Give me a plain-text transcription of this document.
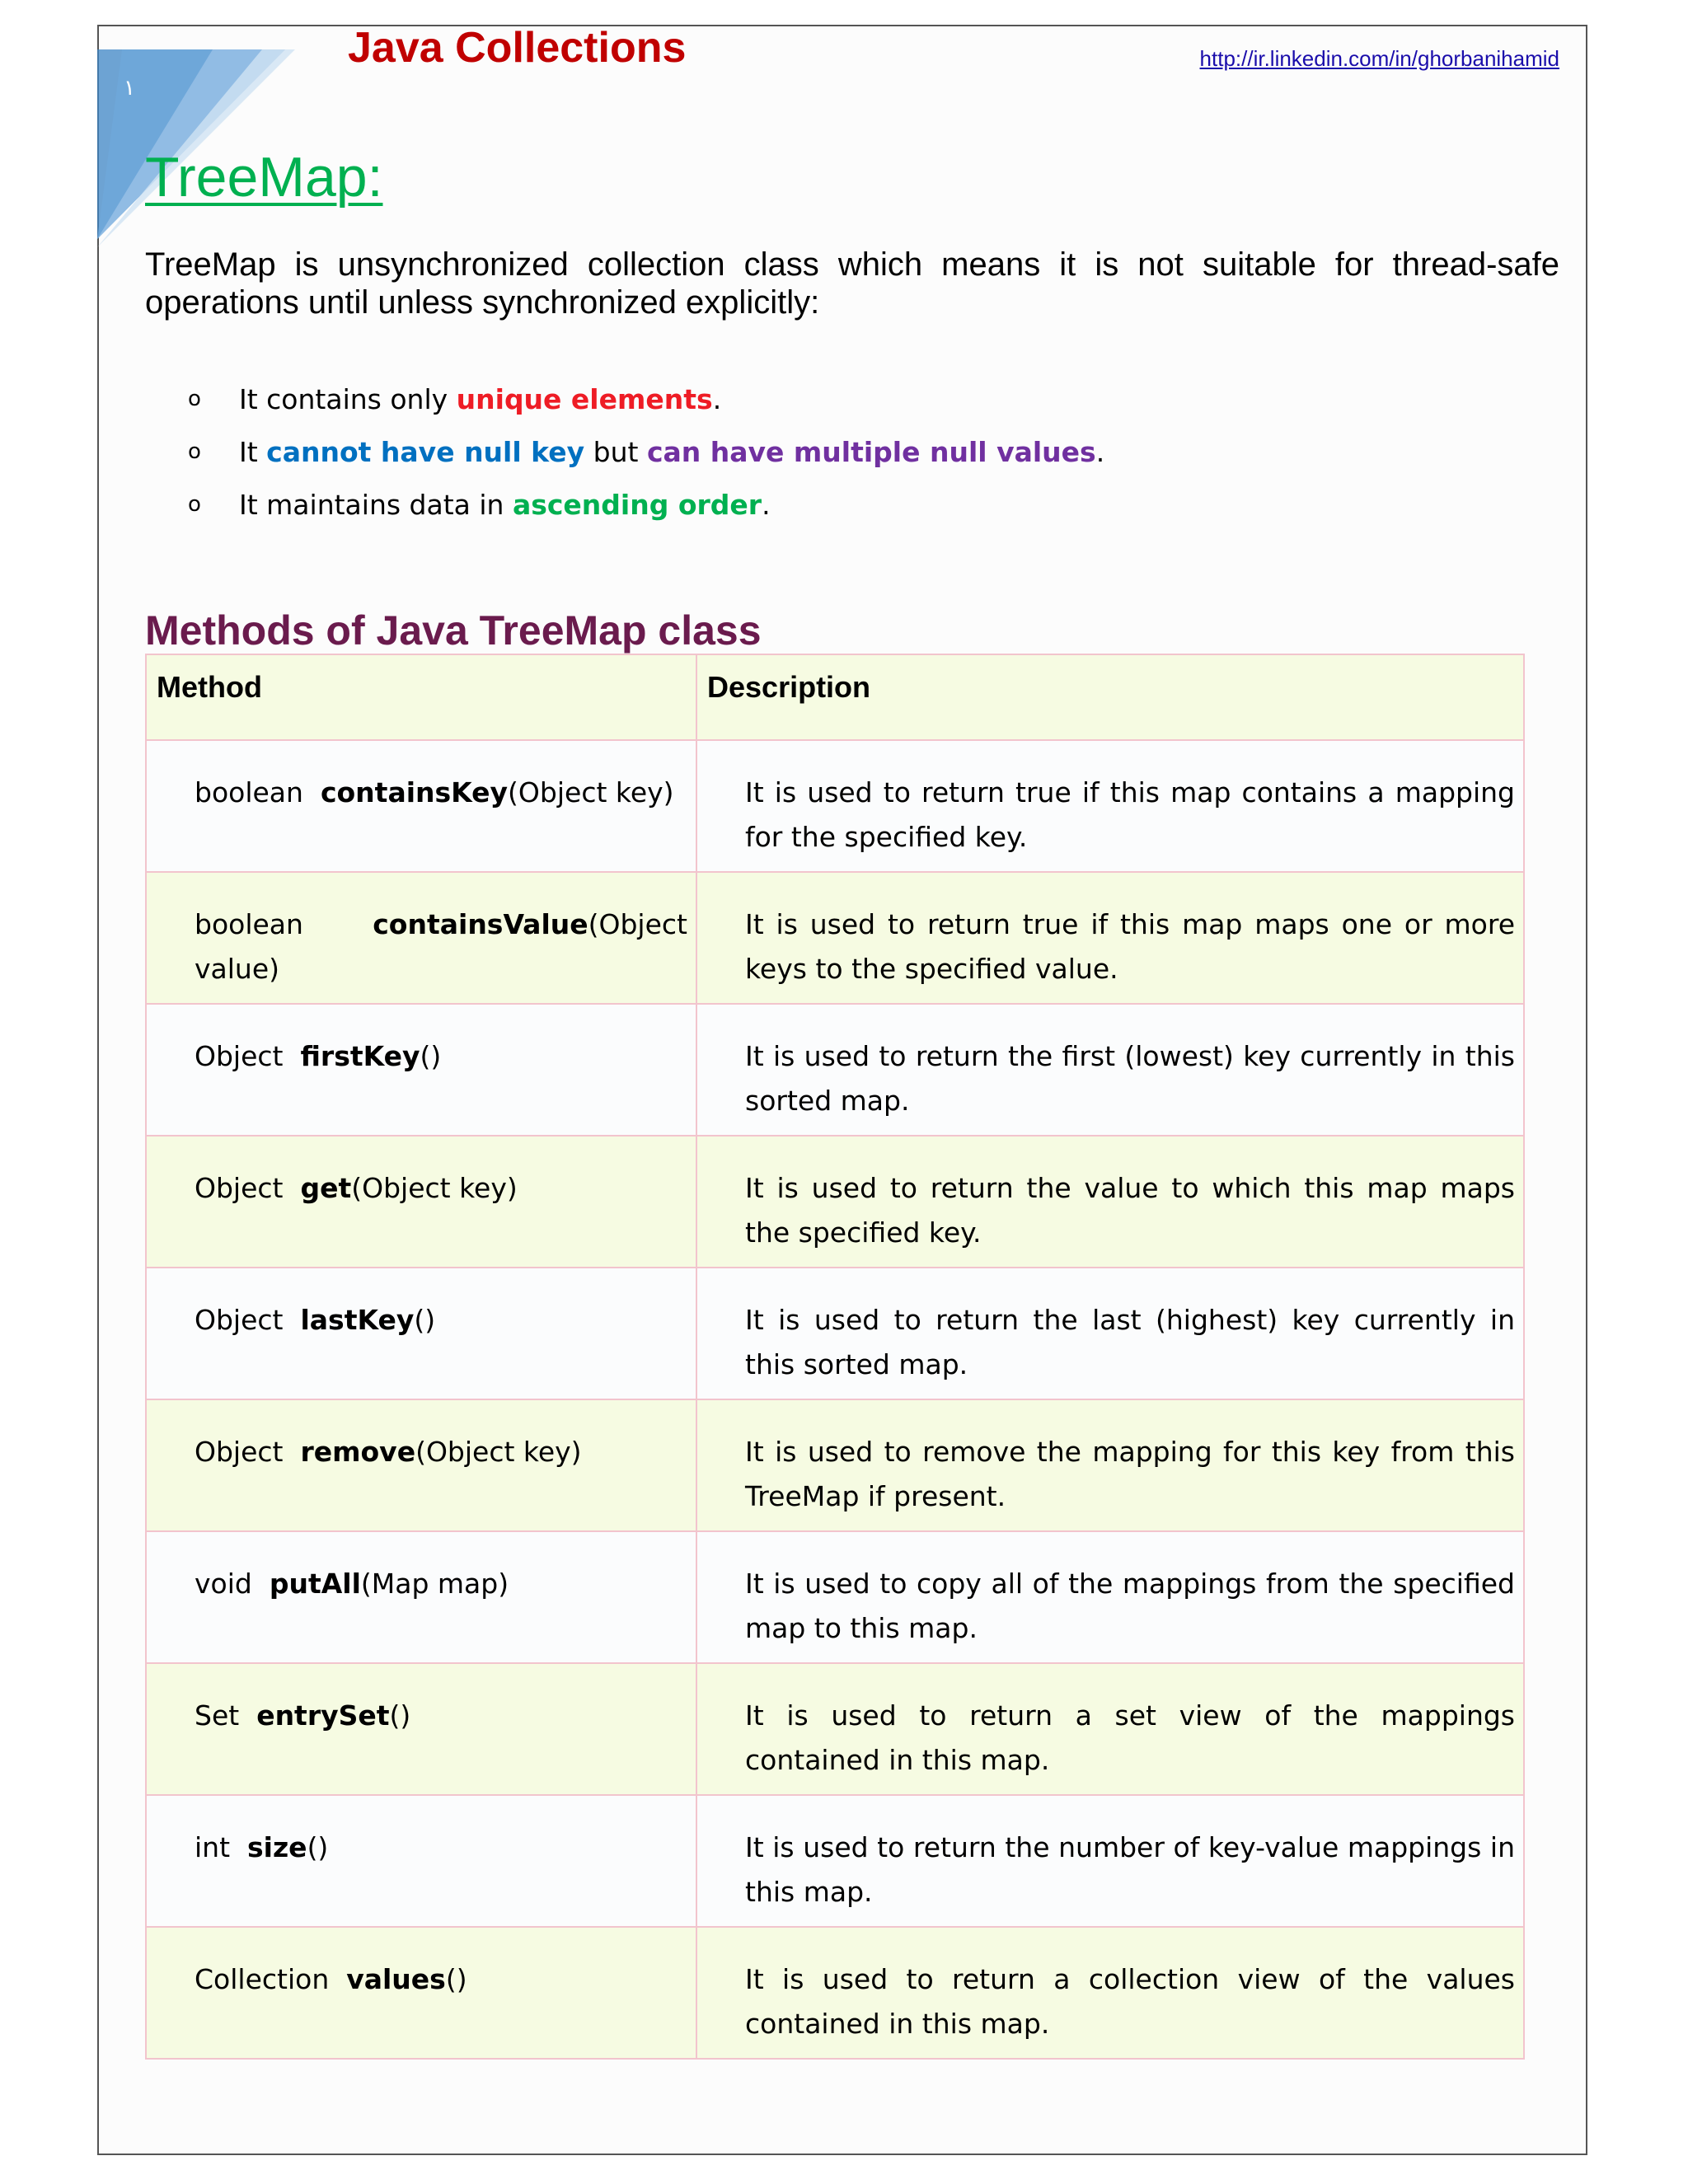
١
Java Collections	http://ir.linkedin.com/in/ghorbanihamid
TreeMap:
TreeMap is unsynchronized collection class which means it is not suitable for thread-safe operations until unless synchronized explicitly:
o	It contains only
unique elements .
o	It
cannot have null key
but
can have multiple null values .
o	It maintains data in
ascending order .
Methods of Java TreeMap class
Method	Description
boolean  containsKey(Object key)	It is used to return true if this map contains a mapping for the specified key.

boolean containsValue(Object value)	It is used to return true if this map maps one or more keys to the specified value.
Object  firstKey()	It is used to return the first (lowest) key currently in this sorted map.
Object  get(Object key)	It is used to return the value to which this map maps the specified key.
Object  lastKey()	It is used to return the last (highest) key currently in this sorted map.
Object  remove(Object key)	It is used to remove the mapping for this key from this TreeMap if present.
void  putAll(Map map)	It is used to copy all of the mappings from the specified map to this map.
Set  entrySet()	It is used to return a set view of the mappings contained in this map.
int  size()	It is used to return the number of key-value mappings in this map.
Collection  values()	It is used to return a collection view of the values contained in this map.
